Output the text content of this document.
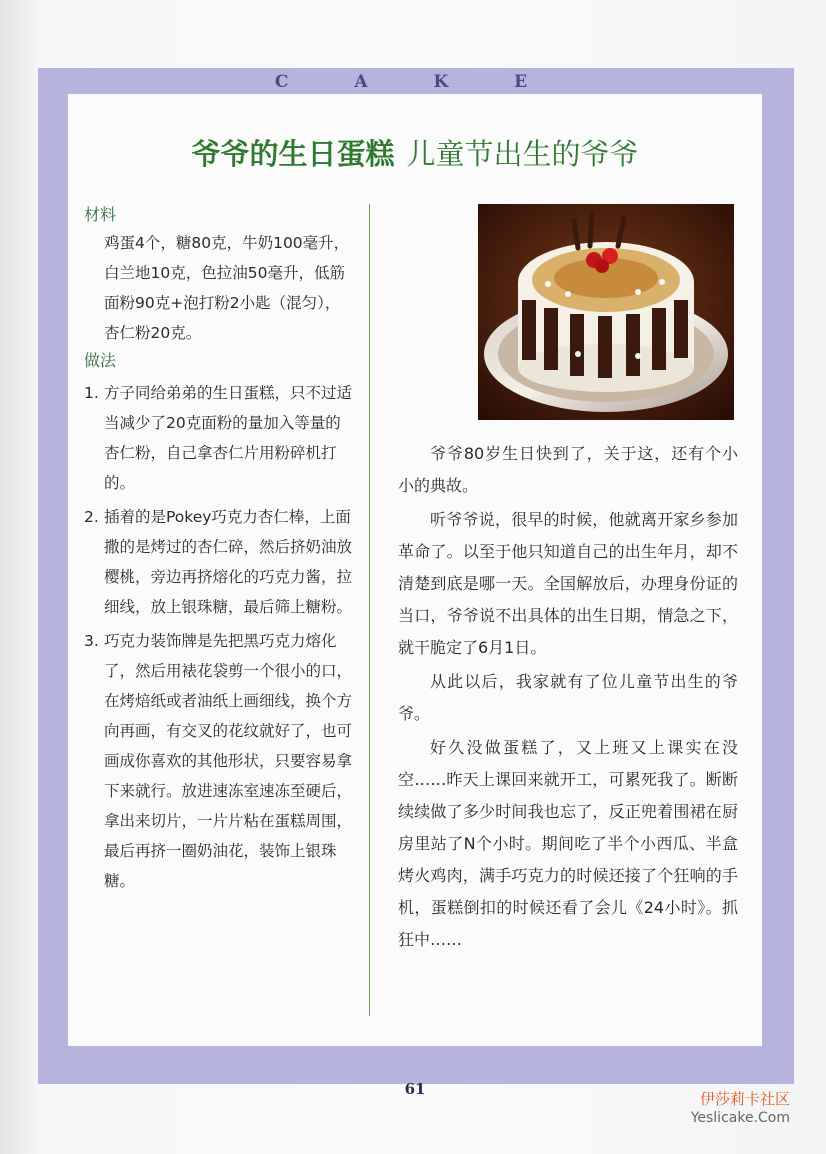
C A K E
爷爷的生日蛋糕 儿童节出生的爷爷

材料

鸡蛋4个，糖80克，牛奶100毫升，白兰地10克，色拉油50毫升，低筋面粉90克+泡打粉2小匙（混匀），杏仁粉20克。

做法

1. 方子同给弟弟的生日蛋糕，只不过适当减少了20克面粉的量加入等量的杏仁粉，自己拿杏仁片用粉碎机打的。
2. 插着的是Pokey巧克力杏仁棒，上面撒的是烤过的杏仁碎，然后挤奶油放樱桃，旁边再挤熔化的巧克力酱，拉细线，放上银珠糖，最后筛上糖粉。
3. 巧克力装饰牌是先把黑巧克力熔化了，然后用裱花袋剪一个很小的口，在烤焙纸或者油纸上画细线，换个方向再画，有交叉的花纹就好了，也可画成你喜欢的其他形状，只要容易拿下来就行。放进速冻室速冻至硬后，拿出来切片，一片片粘在蛋糕周围，最后再挤一圈奶油花，装饰上银珠糖。

爷爷80岁生日快到了，关于这，还有个小小的典故。

听爷爷说，很早的时候，他就离开家乡参加革命了。以至于他只知道自己的出生年月，却不清楚到底是哪一天。全国解放后，办理身份证的当口，爷爷说不出具体的出生日期，情急之下，就干脆定了6月1日。

从此以后，我家就有了位儿童节出生的爷爷。

好久没做蛋糕了，又上班又上课实在没空……昨天上课回来就开工，可累死我了。断断续续做了多少时间我也忘了，反正兜着围裙在厨房里站了N个小时。期间吃了半个小西瓜、半盒烤火鸡肉，满手巧克力的时候还接了个狂响的手机，蛋糕倒扣的时候还看了会儿《24小时》。抓狂中……

61
伊莎莉卡社区
Yeslicake.Com
